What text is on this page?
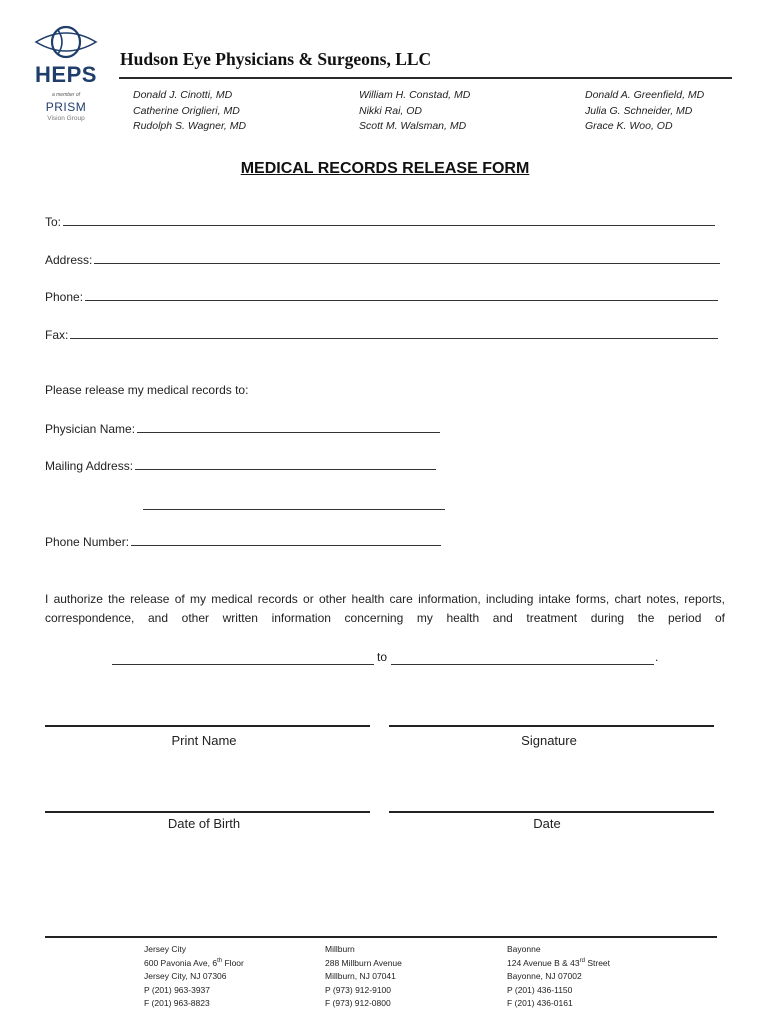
HEPS
a member of
PRISM
Vision Group
Hudson Eye Physicians & Surgeons, LLC
Donald J. Cinotti, MD
Catherine Origlieri, MD
Rudolph S. Wagner, MD
William H. Constad, MD
Nikki Rai, OD
Scott M. Walsman, MD
Donald A. Greenfield, MD
Julia G. Schneider, MD
Grace K. Woo, OD
MEDICAL RECORDS RELEASE FORM
To:
Address:
Phone:
Fax:
Please release my medical records to:
Physician Name:
Mailing Address:
Phone Number:
I authorize the release of my medical records or other health care information, including intake forms, chart notes, reports, correspondence, and other written information concerning my health and treatment during the period of
to	.
Print Name	Signature
Date of Birth	Date
Jersey City
600 Pavonia Ave, 6th Floor
Jersey City, NJ 07306
P (201) 963-3937
F (201) 963-8823
Millburn
288 Millburn Avenue
Millburn, NJ 07041
P (973) 912-9100
F (973) 912-0800
Bayonne
124 Avenue B & 43rd Street
Bayonne, NJ 07002
P (201) 436-1150
F (201) 436-0161
